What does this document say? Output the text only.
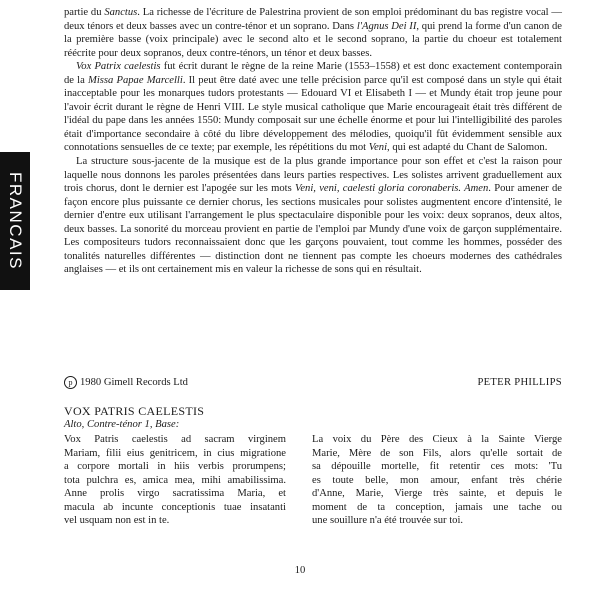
FRANCAIS

partie du Sanctus. La richesse de l'écriture de Palestrina provient de son emploi prédominant du bas registre vocal — deux ténors et deux basses avec un contre-ténor et un soprano. Dans l'Agnus Dei II, qui prend la forme d'un canon de la première basse (voix principale) avec le second alto et le second soprano, la partie du choeur est totalement réécrite pour deux sopranos, deux contre-ténors, un ténor et deux basses.

Vox Patrix caelestis fut écrit durant le règne de la reine Marie (1553–1558) et est donc exactement contemporain de la Missa Papae Marcelli. Il peut être daté avec une telle précision parce qu'il est composé dans un style qui était inacceptable pour les monarques tudors protestants — Edouard VI et Elisabeth I — et Mundy était trop jeune pour l'avoir écrit durant le règne de Henri VIII. Le style musical catholique que Marie encourageait était très différent de l'idéal du pape dans les années 1550: Mundy composait sur une échelle énorme et pour lui l'intelligibilité des paroles était d'importance secondaire à côté du libre développement des mélodies, quoiqu'il fût évidemment sensible aux connotations sensuelles de ce texte; par exemple, les répétitions du mot Veni, qui est adapté du Chant de Salomon.

La structure sous-jacente de la musique est de la plus grande importance pour son effet et c'est la raison pour laquelle nous donnons les paroles présentées dans leurs parties respectives. Les solistes arrivent graduellement aux trois chorus, dont le dernier est l'apogée sur les mots Veni, veni, caelesti gloria coronaberis. Amen. Pour amener de façon encore plus puissante ce dernier chorus, les sections musicales pour solistes augmentent encore d'intensité, le dernier d'entre eux utilisant l'arrangement le plus spectaculaire disponible pour les voix: deux sopranos, deux altos, deux basses. La sonorité du morceau provient en partie de l'emploi par Mundy d'une voix de garçon supplémentaire. Les compositeurs tudors reconnaissaient donc que les garçons pouvaient, tout comme les hommes, posséder des tonalités naturelles différentes — distinction dont ne tiennent pas compte les choeurs modernes des cathédrales anglaises — et ils ont certainement mis en valeur la richesse de sons qui en résultait.

p 1980 Gimell Records Ltd	PETER PHILLIPS
VOX PATRIS CAELESTIS
Alto, Contre-ténor 1, Base:
Vox Patris caelestis ad sacram virginem
Mariam, filii eius genitricem, in cius migratione
a corpore mortali in hiis verbis prorumpens;
tota pulchra es, amica mea, mihi amabilissima.
Anne prolis virgo sacratissima Maria, et
macula ab incunte conceptionis tuae insatanti
vel usquam non est in te.
La voix du Père des Cieux à la Sainte Vierge
Marie, Mère de son Fils, alors qu'elle sortait de
sa dépouille mortelle, fit retentir ces mots: 'Tu
es toute belle, mon amour, enfant très chérie
d'Anne, Marie, Vierge très sainte, et depuis le
moment de ta conception, jamais une tache ou
une souillure n'a été trouvée sur toi.
10
